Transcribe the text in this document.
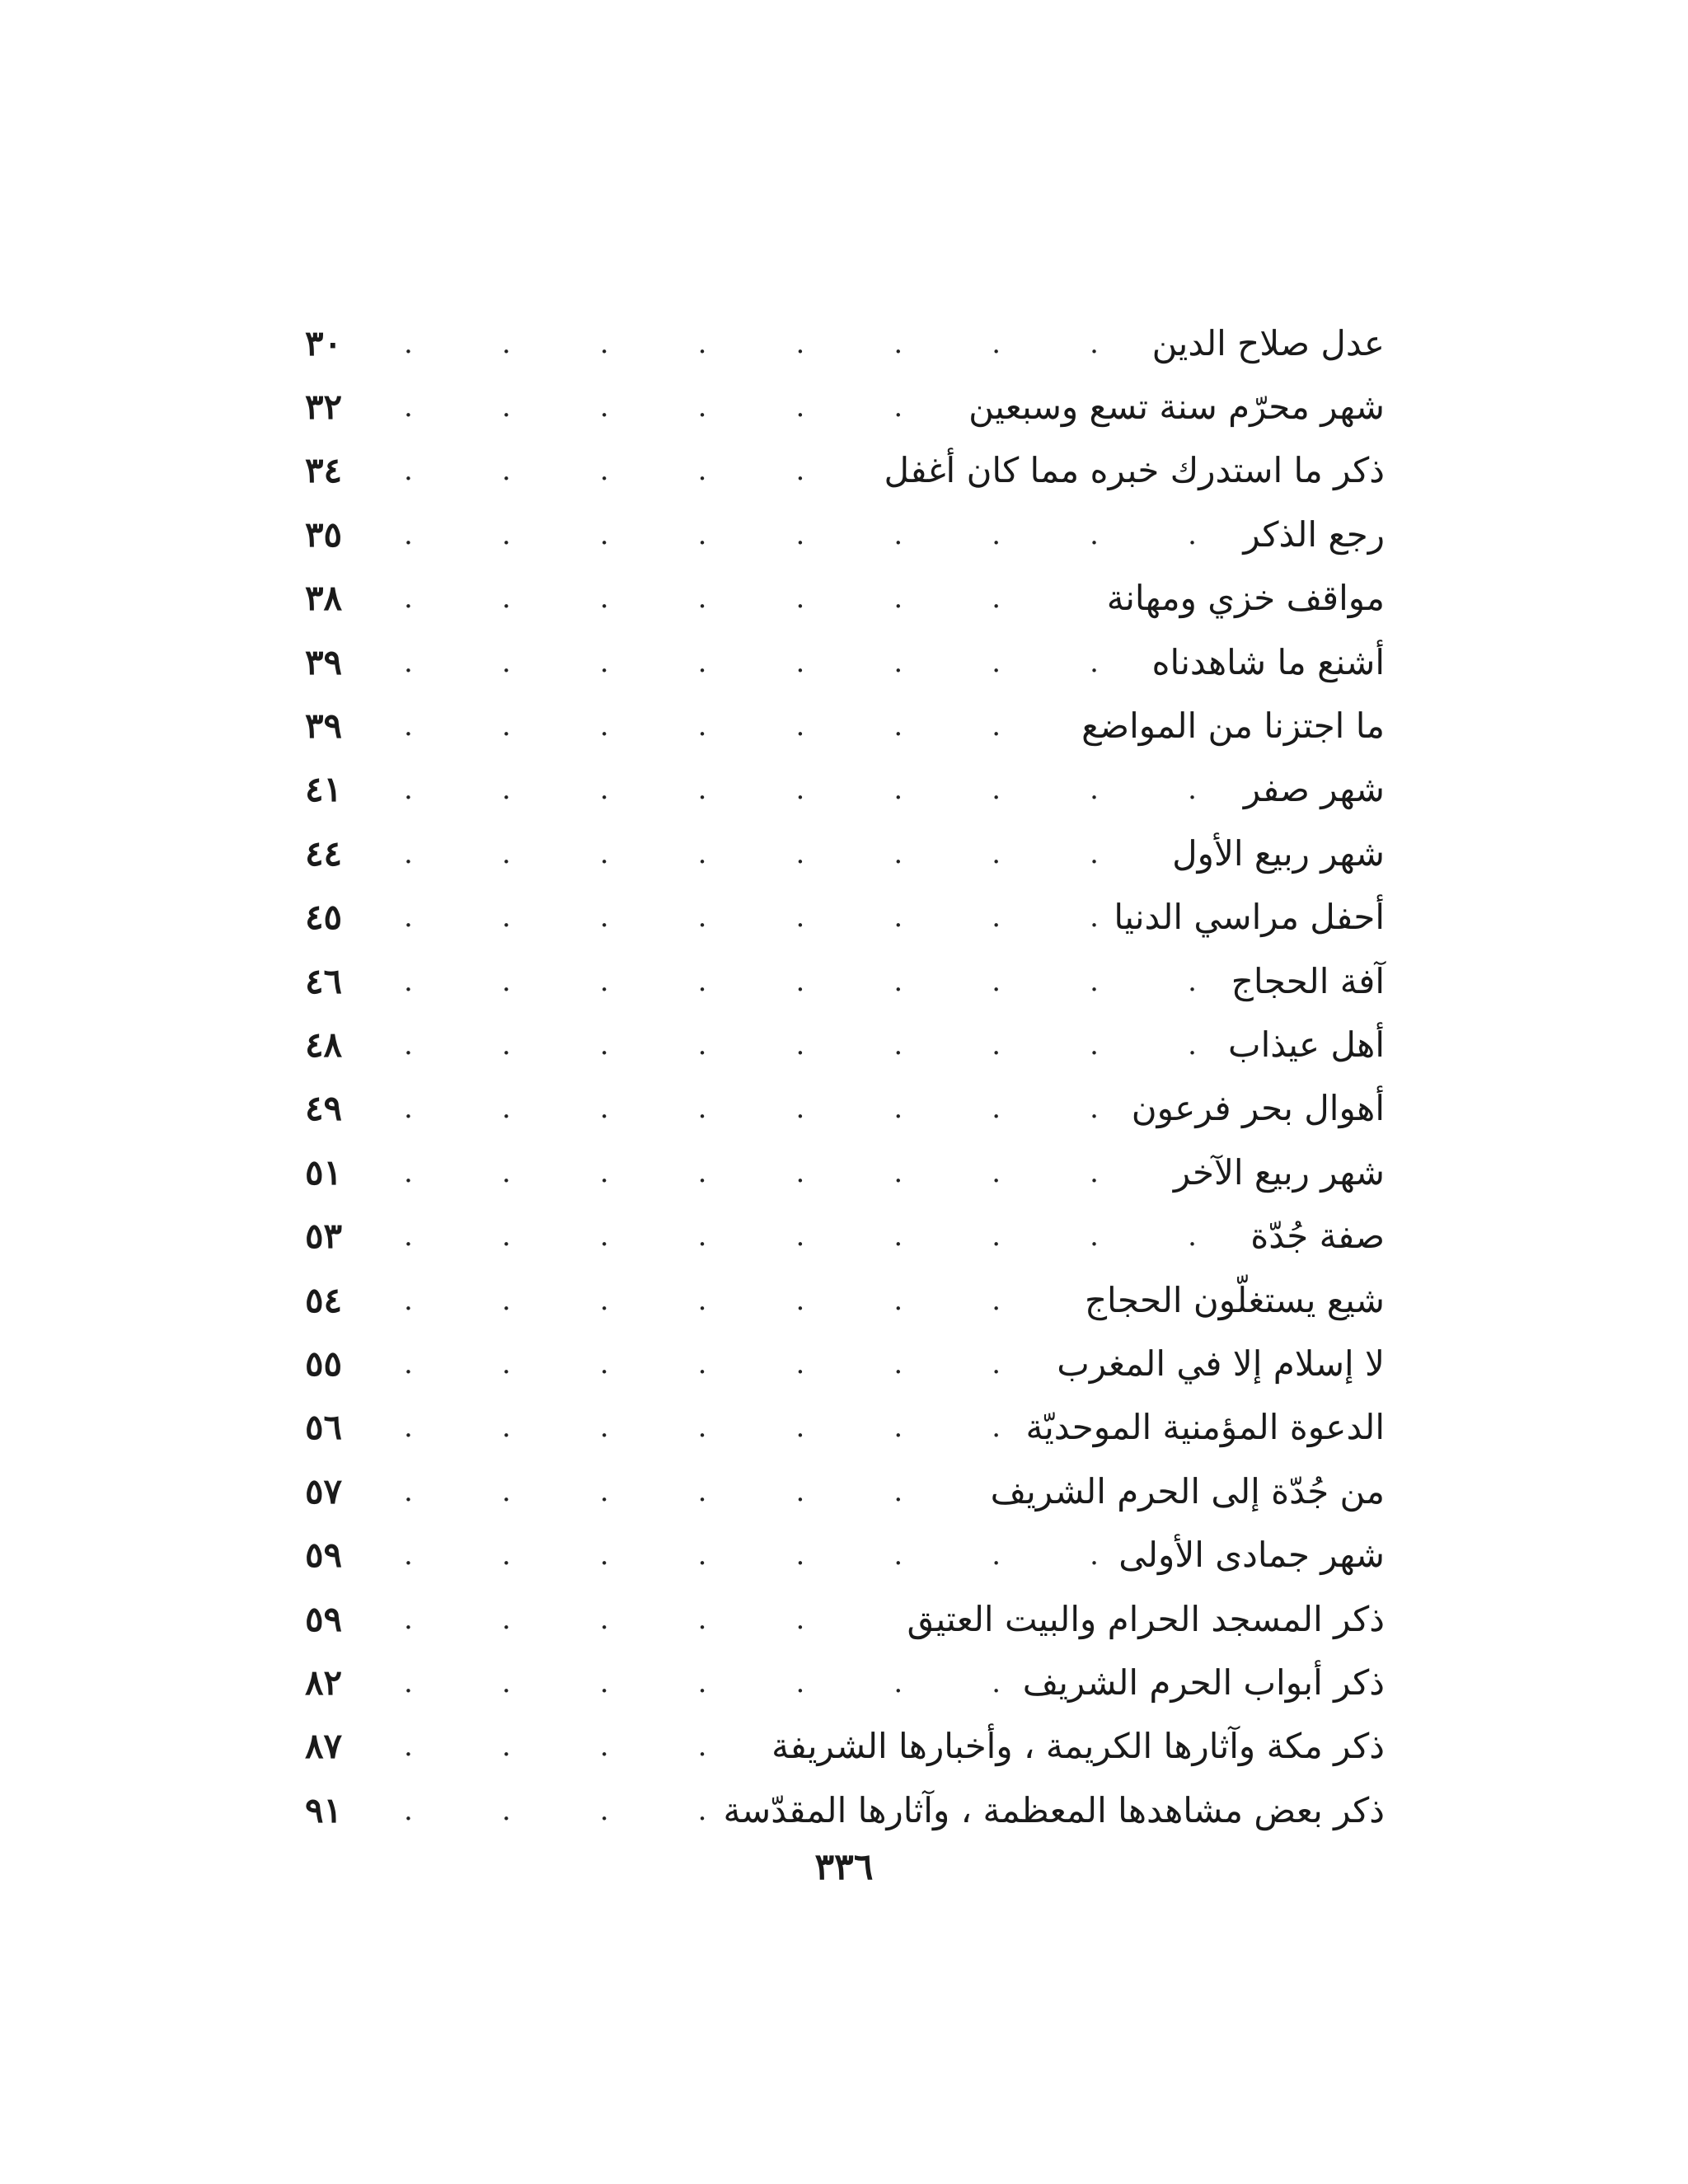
عدل صلاح الدين
.
٣٠
شهر محرّم سنة تسع وسبعين
.
٣٢
ذكر ما استدرك خبره مما كان أغفل
.
٣٤
رجع الذكر
.
٣٥
مواقف خزي ومهانة
.
٣٨
أشنع ما شاهدناه
.
٣٩
ما اجتزنا من المواضع
.
٣٩
شهر صفر
.
٤١
شهر ربيع الأول
.
٤٤
أحفل مراسي الدنيا
.
٤٥
آفة الحجاج
.
٤٦
أهل عيذاب
.
٤٨
أهوال بحر فرعون
.
٤٩
شهر ربيع الآخر
.
٥١
صفة جُدّة
.
٥٣
شيع يستغلّون الحجاج
.
٥٤
لا إسلام إلا في المغرب
.
٥٥
الدعوة المؤمنية الموحديّة
.
٥٦
من جُدّة إلى الحرم الشريف
.
٥٧
شهر جمادى الأولى
.
٥٩
ذكر المسجد الحرام والبيت العتيق
.
٥٩
ذكر أبواب الحرم الشريف
.
٨٢
ذكر مكة وآثارها الكريمة ، وأخبارها الشريفة
.
٨٧
ذكر بعض مشاهدها المعظمة ، وآثارها المقدّسة
.
٩١
٣٣٦
